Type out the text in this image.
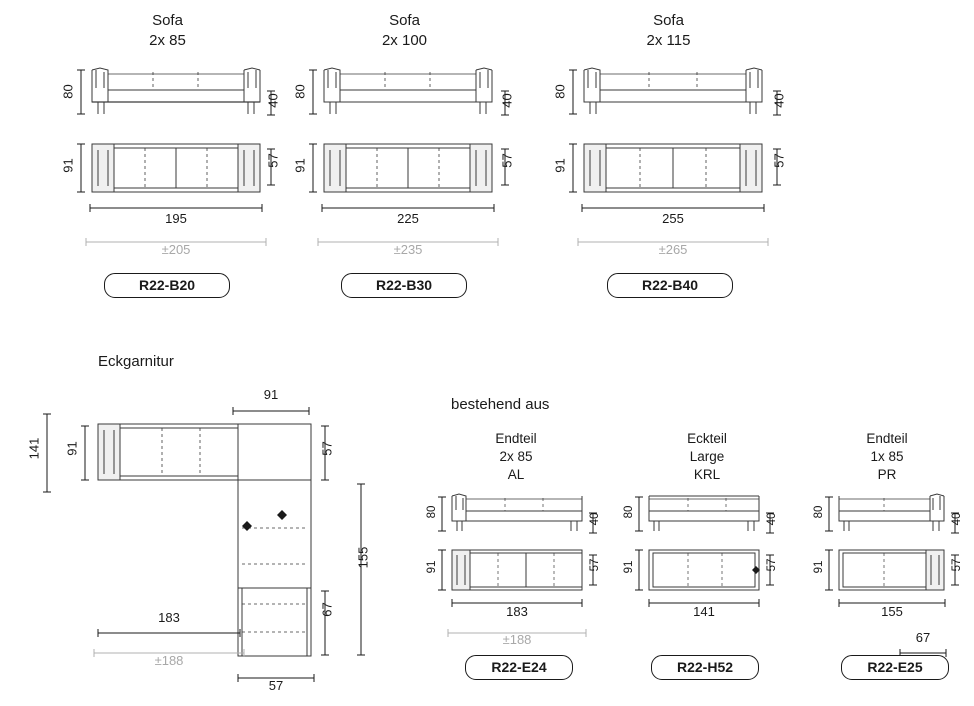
Sofa
2x 85
80
40
91	57
195
±205
R22-B20
Sofa
2x 100
80
40
91	57
225
±235
R22-B30
Sofa
2x 115
80
40
91	57
255
±265
R22-B40
Eckgarnitur
91
91
141	57
155
67
183
±188
57
bestehend aus
Endteil
2x 85
AL
80
40
91	57
183
±188
R22-E24
Eckteil
Large
KRL
80
40
91	57
141
R22-H52
Endteil
1x 85
PR
80
40
91	57
155
67
R22-E25
